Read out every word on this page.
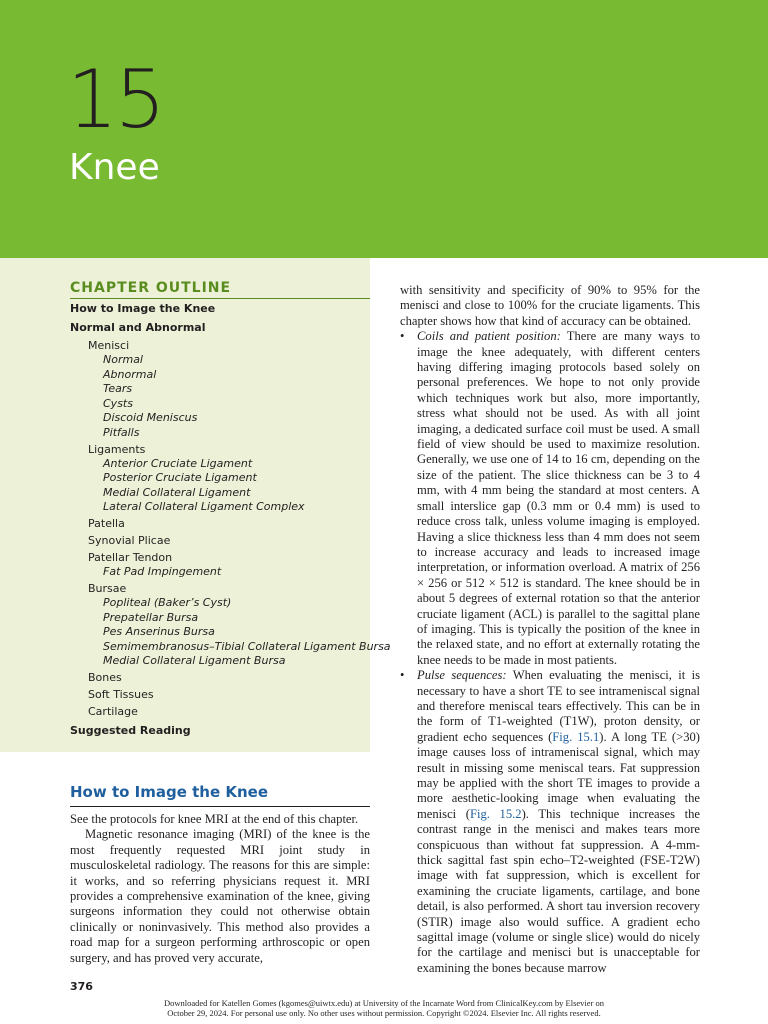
15
Knee
CHAPTER OUTLINE
How to Image the Knee
Normal and Abnormal
Menisci
Normal
Abnormal
Tears
Cysts
Discoid Meniscus
Pitfalls
Ligaments
Anterior Cruciate Ligament
Posterior Cruciate Ligament
Medial Collateral Ligament
Lateral Collateral Ligament Complex
Patella
Synovial Plicae
Patellar Tendon
Fat Pad Impingement
Bursae
Popliteal (Baker’s Cyst)
Prepatellar Bursa
Pes Anserinus Bursa
Semimembranosus–Tibial Collateral Ligament Bursa
Medial Collateral Ligament Bursa
Bones
Soft Tissues
Cartilage
Suggested Reading
How to Image the Knee

See the protocols for knee MRI at the end of this chapter.

Magnetic resonance imaging (MRI) of the knee is the most frequently requested MRI joint study in musculoskeletal radiology. The reasons for this are simple: it works, and so referring physicians request it. MRI provides a comprehensive examination of the knee, giving surgeons information they could not otherwise obtain clinically or noninvasively. This method also provides a road map for a surgeon performing arthroscopic or open surgery, and has proved very accurate,

with sensitivity and specificity of 90% to 95% for the menisci and close to 100% for the cruciate ligaments. This chapter shows how that kind of accuracy can be obtained.

• Coils and patient position: There are many ways to image the knee adequately, with different centers having differing imaging protocols based solely on personal preferences. We hope to not only provide which techniques work but also, more importantly, stress what should not be used. As with all joint imaging, a dedicated surface coil must be used. A small field of view should be used to maximize resolution. Generally, we use one of 14 to 16 cm, depending on the size of the patient. The slice thickness can be 3 to 4 mm, with 4 mm being the standard at most centers. A small interslice gap (0.3 mm or 0.4 mm) is used to reduce cross talk, unless volume imaging is employed. Having a slice thickness less than 4 mm does not seem to increase accuracy and leads to increased image interpretation, or information overload. A matrix of 256 × 256 or 512 × 512 is standard. The knee should be in about 5 degrees of external rotation so that the anterior cruciate ligament (ACL) is parallel to the sagittal plane of imaging. This is typically the position of the knee in the relaxed state, and no effort at externally rotating the knee needs to be made in most patients.

• Pulse sequences: When evaluating the menisci, it is necessary to have a short TE to see intrameniscal signal and therefore meniscal tears effectively. This can be in the form of T1-weighted (T1W), proton density, or gradient echo sequences (Fig. 15.1). A long TE (>30) image causes loss of intrameniscal signal, which may result in missing some meniscal tears. Fat suppression may be applied with the short TE images to provide a more aesthetic-looking image when evaluating the menisci (Fig. 15.2). This technique increases the contrast range in the menisci and makes tears more conspicuous than without fat suppression. A 4-mm-thick sagittal fast spin echo–T2-weighted (FSE-T2W) image with fat suppression, which is excellent for examining the cruciate ligaments, cartilage, and bone detail, is also performed. A short tau inversion recovery (STIR) image also would suffice. A gradient echo sagittal image (volume or single slice) would do nicely for the cartilage and menisci but is unacceptable for examining the bones because marrow

376
Downloaded for Katellen Gomes (kgomes@uiwtx.edu) at University of the Incarnate Word from ClinicalKey.com by Elsevier on
October 29, 2024. For personal use only. No other uses without permission. Copyright ©2024. Elsevier Inc. All rights reserved.
